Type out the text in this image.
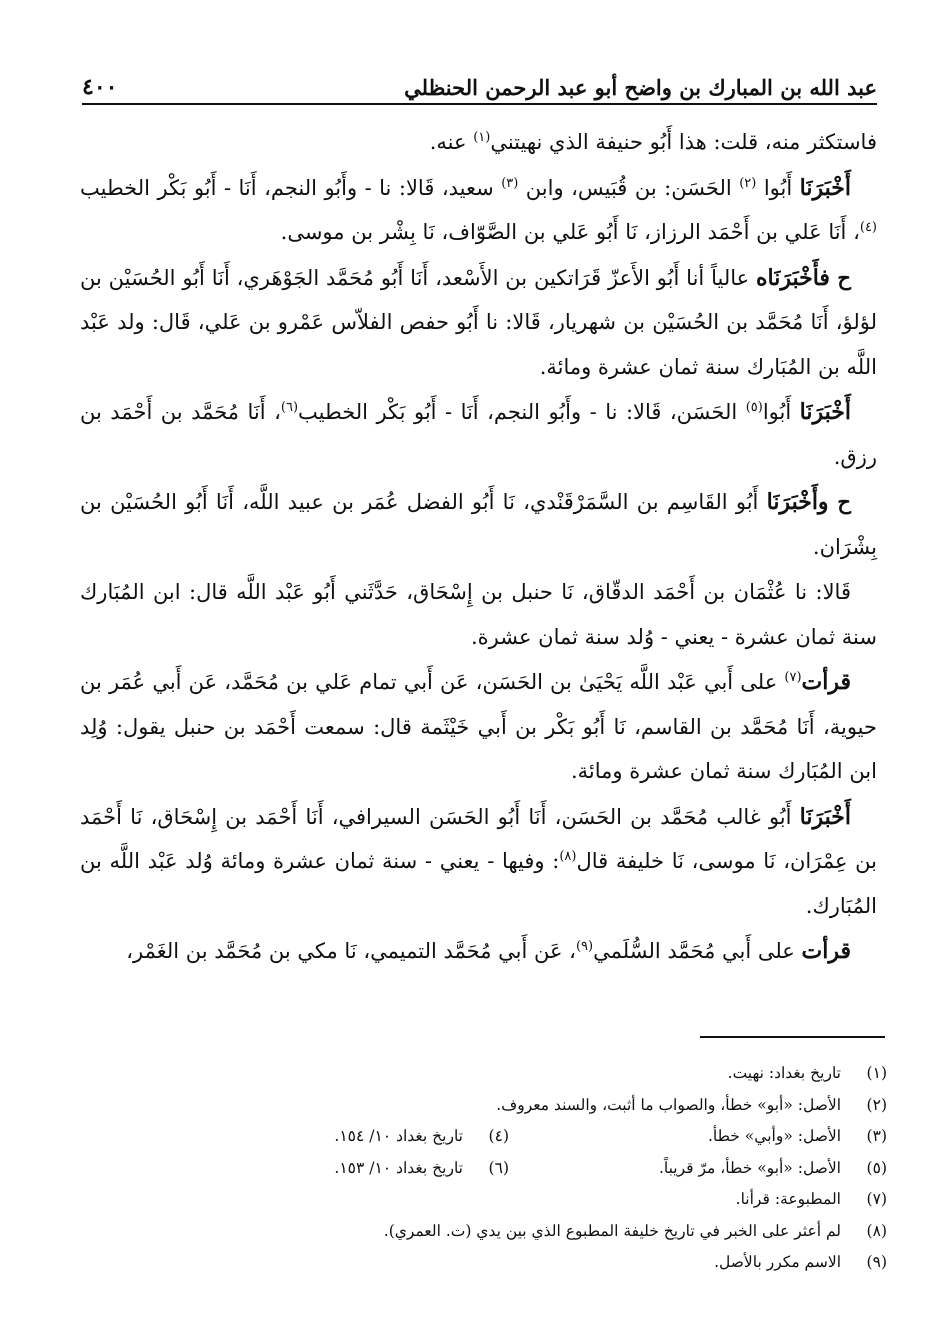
عبد الله بن المبارك بن واضح أبو عبد الرحمن الحنظلي
٤٠٠

فاستكثر منه، قلت: هذا أَبُو حنيفة الذي نهيتني$^{(١)}$ عنه.

أَخْبَرَنَا أَبُوا $^{(٢)}$ الحَسَن: بن قُبَيس، وابن $^{(٣)}$ سعيد، قَالا: نا - وأَبُو النجم، أَنَا - أَبُو بَكْر الخطيب $^{(٤)}$، أَنَا عَلي بن أَحْمَد الرزاز، نَا أَبُو عَلي بن الصَّوّاف، نَا بِشْر بن موسى.

ح فأَخْبَرَنَاه عالياً أنا أَبُو الأَعزّ قَرَاتكين بن الأَسْعد، أَنَا أَبُو مُحَمَّد الجَوْهَري، أَنَا أَبُو الحُسَيْن بن لؤلؤ، أَنَا مُحَمَّد بن الحُسَيْن بن شهريار، قَالا: نا أَبُو حفص الفلاّس عَمْرو بن عَلي، قَال: ولد عَبْد اللَّه بن المُبَارك سنة ثمان عشرة ومائة.

أَخْبَرَنَا أَبُوا$^{(٥)}$ الحَسَن، قَالا: نا - وأَبُو النجم، أَنَا - أَبُو بَكْر الخطيب$^{(٦)}$، أَنَا مُحَمَّد بن أَحْمَد بن رزق.

ح وأَخْبَرَنَا أَبُو القَاسِم بن السَّمَرْقَنْدي، نَا أَبُو الفضل عُمَر بن عبيد اللَّه، أَنَا أَبُو الحُسَيْن بن بِشْرَان.

قَالا: نا عُثْمَان بن أَحْمَد الدقّاق، نَا حنبل بن إِسْحَاق، حَدَّثَني أَبُو عَبْد اللَّه قال: ابن المُبَارك سنة ثمان عشرة - يعني - وُلد سنة ثمان عشرة.

قرأت$^{(٧)}$ على أَبي عَبْد اللَّه يَحْيَىٰ بن الحَسَن، عَن أَبي تمام عَلي بن مُحَمَّد، عَن أَبي عُمَر بن حيوية، أَنَا مُحَمَّد بن القاسم، نَا أَبُو بَكْر بن أَبي خَيْثَمة قال: سمعت أَحْمَد بن حنبل يقول: وُلِد ابن المُبَارك سنة ثمان عشرة ومائة.

أَخْبَرَنَا أَبُو غالب مُحَمَّد بن الحَسَن، أَنَا أَبُو الحَسَن السيرافي، أَنَا أَحْمَد بن إِسْحَاق، نَا أَحْمَد بن عِمْرَان، نَا موسى، نَا خليفة قال$^{(٨)}$: وفيها - يعني - سنة ثمان عشرة ومائة وُلد عَبْد اللَّه بن المُبَارك.

قرأت على أَبي مُحَمَّد السُّلَمي$^{(٩)}$، عَن أَبي مُحَمَّد التميمي، نَا مكي بن مُحَمَّد بن الغَمْر،

(١)
تاريخ بغداد: نهيت.
(٢)
الأصل: «أبو» خطأ، والصواب ما أثبت، والسند معروف.
(٣)
الأصل: «وأبي» خطأ.
(٤)
تاريخ بغداد ١٠/ ١٥٤.
(٥)
الأصل: «أبو» خطأ، مرّ قريباً.
(٦)
تاريخ بغداد ١٠/ ١٥٣.
(٧)
المطبوعة: قرأنا.
(٨)
لم أعثر على الخبر في تاريخ خليفة المطبوع الذي بين يدي (ت. العمري).
(٩)
الاسم مكرر بالأصل.
